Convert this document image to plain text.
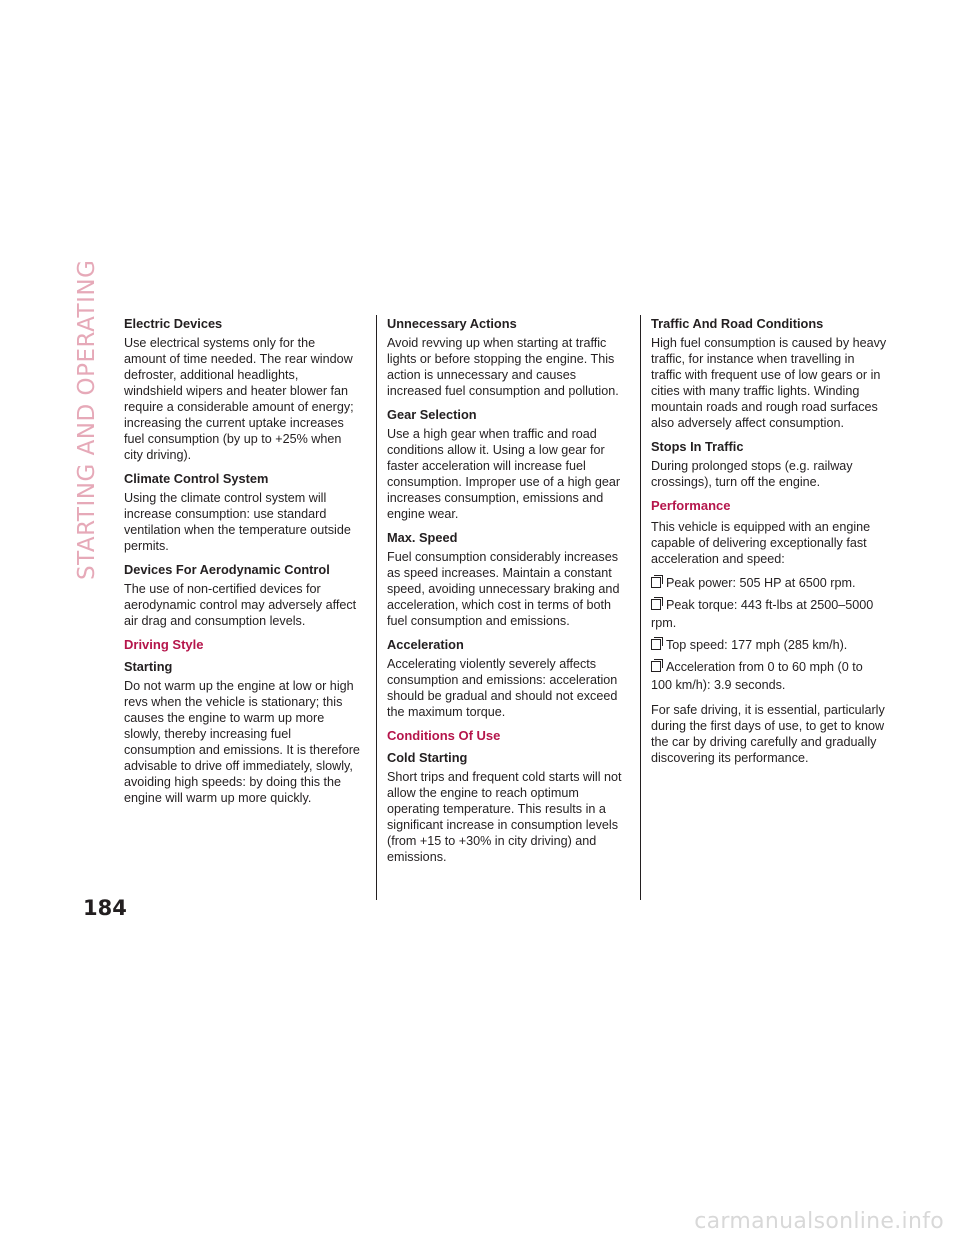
STARTING AND OPERATING Electric Devices

Use electrical systems only for the amount of time needed. The rear window defroster, additional headlights, windshield wipers and heater blower fan require a considerable amount of energy; increasing the current uptake increases fuel consumption (by up to +25% when city driving).

Climate Control System

Using the climate control system will increase consumption: use standard ventilation when the temperature outside permits.

Devices For Aerodynamic Control

The use of non-certified devices for aerodynamic control may adversely affect air drag and consumption levels.

Driving Style
Starting

Do not warm up the engine at low or high revs when the vehicle is stationary; this causes the engine to warm up more slowly, thereby increasing fuel consumption and emissions. It is therefore advisable to drive off immediately, slowly, avoiding high speeds: by doing this the engine will warm up more quickly.

Unnecessary Actions

Avoid revving up when starting at traffic lights or before stopping the engine. This action is unnecessary and causes increased fuel consumption and pollution.

Gear Selection

Use a high gear when traffic and road conditions allow it. Using a low gear for faster acceleration will increase fuel consumption. Improper use of a high gear increases consumption, emissions and engine wear.

Max. Speed

Fuel consumption considerably increases as speed increases. Maintain a constant speed, avoiding unnecessary braking and acceleration, which cost in terms of both fuel consumption and emissions.

Acceleration

Accelerating violently severely affects consumption and emissions: acceleration should be gradual and should not exceed the maximum torque.

Conditions Of Use
Cold Starting

Short trips and frequent cold starts will not allow the engine to reach optimum operating temperature. This results in a significant increase in consumption levels (from +15 to +30% in city driving) and emissions.

Traffic And Road Conditions

High fuel consumption is caused by heavy traffic, for instance when travelling in traffic with frequent use of low gears or in cities with many traffic lights. Winding mountain roads and rough road surfaces also adversely affect consumption.

Stops In Traffic

During prolonged stops (e.g. railway crossings), turn off the engine.

Performance

This vehicle is equipped with an engine capable of delivering exceptionally fast acceleration and speed:

Peak power: 505 HP at 6500 rpm.
Peak torque: 443 ft-lbs at 2500–5000 rpm.
Top speed: 177 mph (285 km/h).
Acceleration from 0 to 60 mph (0 to 100 km/h): 3.9 seconds.

For safe driving, it is essential, particularly during the first days of use, to get to know the car by driving carefully and gradually discovering its performance.

184
carmanualsonline.info
